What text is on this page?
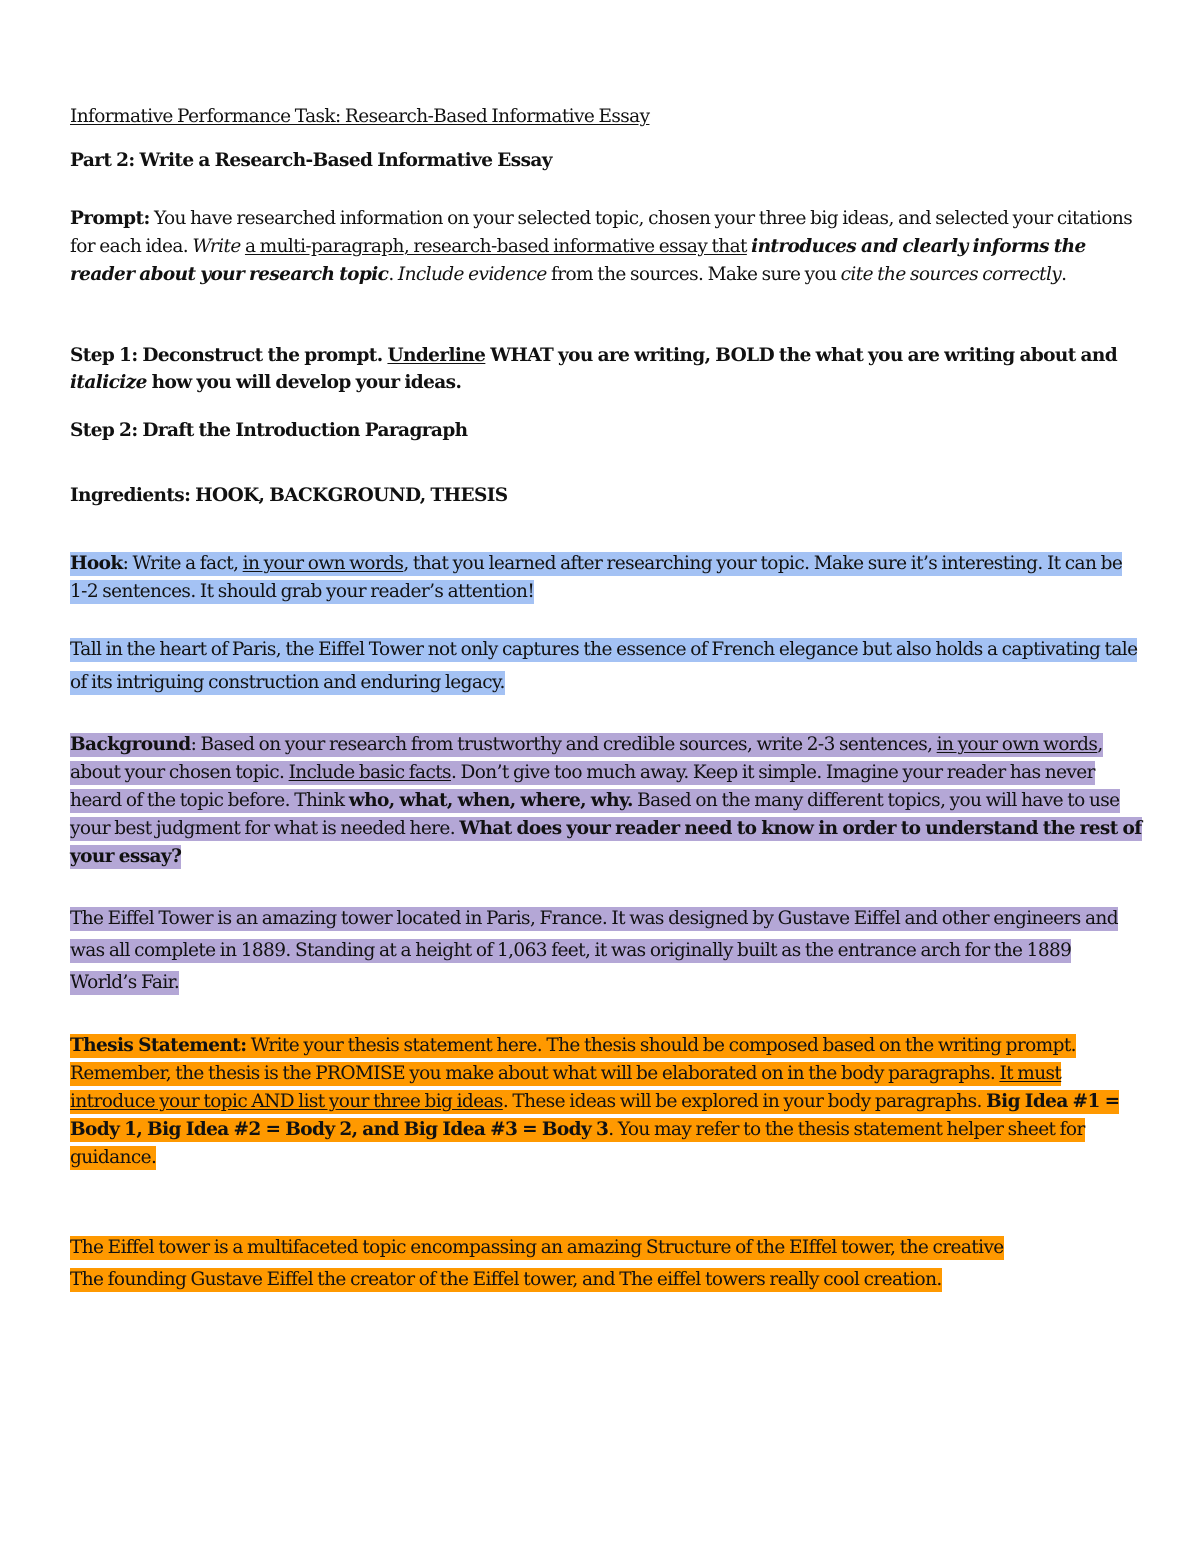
Informative Performance Task: Research-Based Informative Essay

Part 2: Write a Research-Based Informative Essay

Prompt: You have researched information on your selected topic, chosen your three big ideas, and selected your citations for each idea. Write a multi-paragraph, research-based informative essay that introduces and clearly informs the reader about your research topic. Include evidence from the sources. Make sure you cite the sources correctly.

Step 1: Deconstruct the prompt. Underline WHAT you are writing, BOLD the what you are writing about and italicize how you will develop your ideas.

Step 2: Draft the Introduction Paragraph

Ingredients: HOOK, BACKGROUND, THESIS

Hook: Write a fact, in your own words, that you learned after researching your topic. Make sure it’s interesting. It can be 1-2 sentences. It should grab your reader’s attention!

Tall in the heart of Paris, the Eiffel Tower not only captures the essence of French elegance but also holds a captivating tale of its intriguing construction and enduring legacy.

Background: Based on your research from trustworthy and credible sources, write 2-3 sentences, in your own words, about your chosen topic. Include basic facts. Don’t give too much away. Keep it simple. Imagine your reader has never heard of the topic before. Think who, what, when, where, why. Based on the many different topics, you will have to use your best judgment for what is needed here. What does your reader need to know in order to understand the rest of your essay?

The Eiffel Tower is an amazing tower located in Paris, France. It was designed by Gustave Eiffel and other engineers and was all complete in 1889. Standing at a height of 1,063 feet, it was originally built as the entrance arch for the 1889 World’s Fair.

Thesis Statement: Write your thesis statement here. The thesis should be composed based on the writing prompt. Remember, the thesis is the PROMISE you make about what will be elaborated on in the body paragraphs. It must introduce your topic AND list your three big ideas. These ideas will be explored in your body paragraphs. Big Idea #1 = Body 1, Big Idea #2 = Body 2, and Big Idea #3 = Body 3. You may refer to the thesis statement helper sheet for guidance.

The Eiffel tower is a multifaceted topic encompassing an amazing Structure of the EIffel tower, the creative
The founding Gustave Eiffel the creator of the Eiffel tower, and The eiffel towers really cool creation.
